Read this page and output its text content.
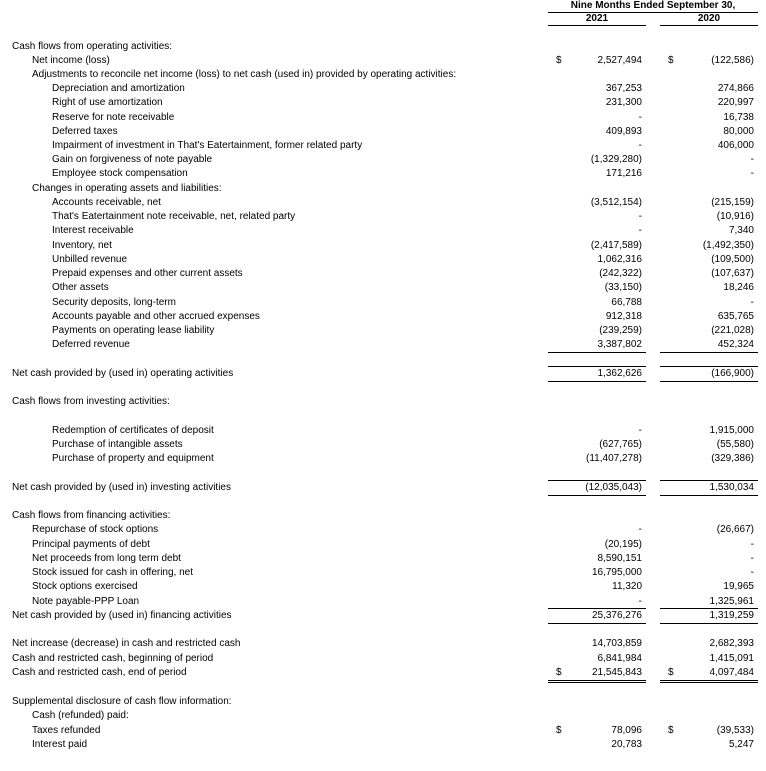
Nine Months Ended September 30,
2021	2020
Cash flows from operating activities:
Net income (loss)	$	2,527,494	$	(122,586)
Adjustments to reconcile net income (loss) to net cash (used in) provided by operating activities:
Depreciation and amortization	367,253	274,866
Right of use amortization	231,300	220,997
Reserve for note receivable	-	16,738
Deferred taxes	409,893	80,000
Impairment of investment in That's Eatertainment, former related party	-	406,000
Gain on forgiveness of note payable	(1,329,280)	-
Employee stock compensation	171,216	-
Changes in operating assets and liabilities:
Accounts receivable, net	(3,512,154)	(215,159)
That's Eatertainment note receivable, net, related party	-	(10,916)
Interest receivable	-	7,340
Inventory, net	(2,417,589)	(1,492,350)
Unbilled revenue	1,062,316	(109,500)
Prepaid expenses and other current assets	(242,322)	(107,637)
Other assets	(33,150)	18,246
Security deposits, long-term	66,788	-
Accounts payable and other accrued expenses	912,318	635,765
Payments on operating lease liability	(239,259)	(221,028)
Deferred revenue	3,387,802	452,324
Net cash provided by (used in) operating activities	1,362,626	(166,900)
Cash flows from investing activities:
Redemption of certificates of deposit	-	1,915,000
Purchase of intangible assets	(627,765)	(55,580)
Purchase of property and equipment	(11,407,278)	(329,386)
Net cash provided by (used in) investing activities	(12,035,043)	1,530,034
Cash flows from financing activities:
Repurchase of stock options	-	(26,667)
Principal payments of debt	(20,195)	-
Net proceeds from long term debt	8,590,151	-
Stock issued for cash in offering, net	16,795,000	-
Stock options exercised	11,320	19,965
Note payable-PPP Loan	-	1,325,961
Net cash provided by (used in) financing activities	25,376,276	1,319,259
Net increase (decrease) in cash and restricted cash	14,703,859	2,682,393
Cash and restricted cash, beginning of period	6,841,984	1,415,091
Cash and restricted cash, end of period	$	21,545,843	$	4,097,484
Supplemental disclosure of cash flow information:
Cash (refunded) paid:
Taxes refunded	$	78,096	$	(39,533)
Interest paid	20,783	5,247
